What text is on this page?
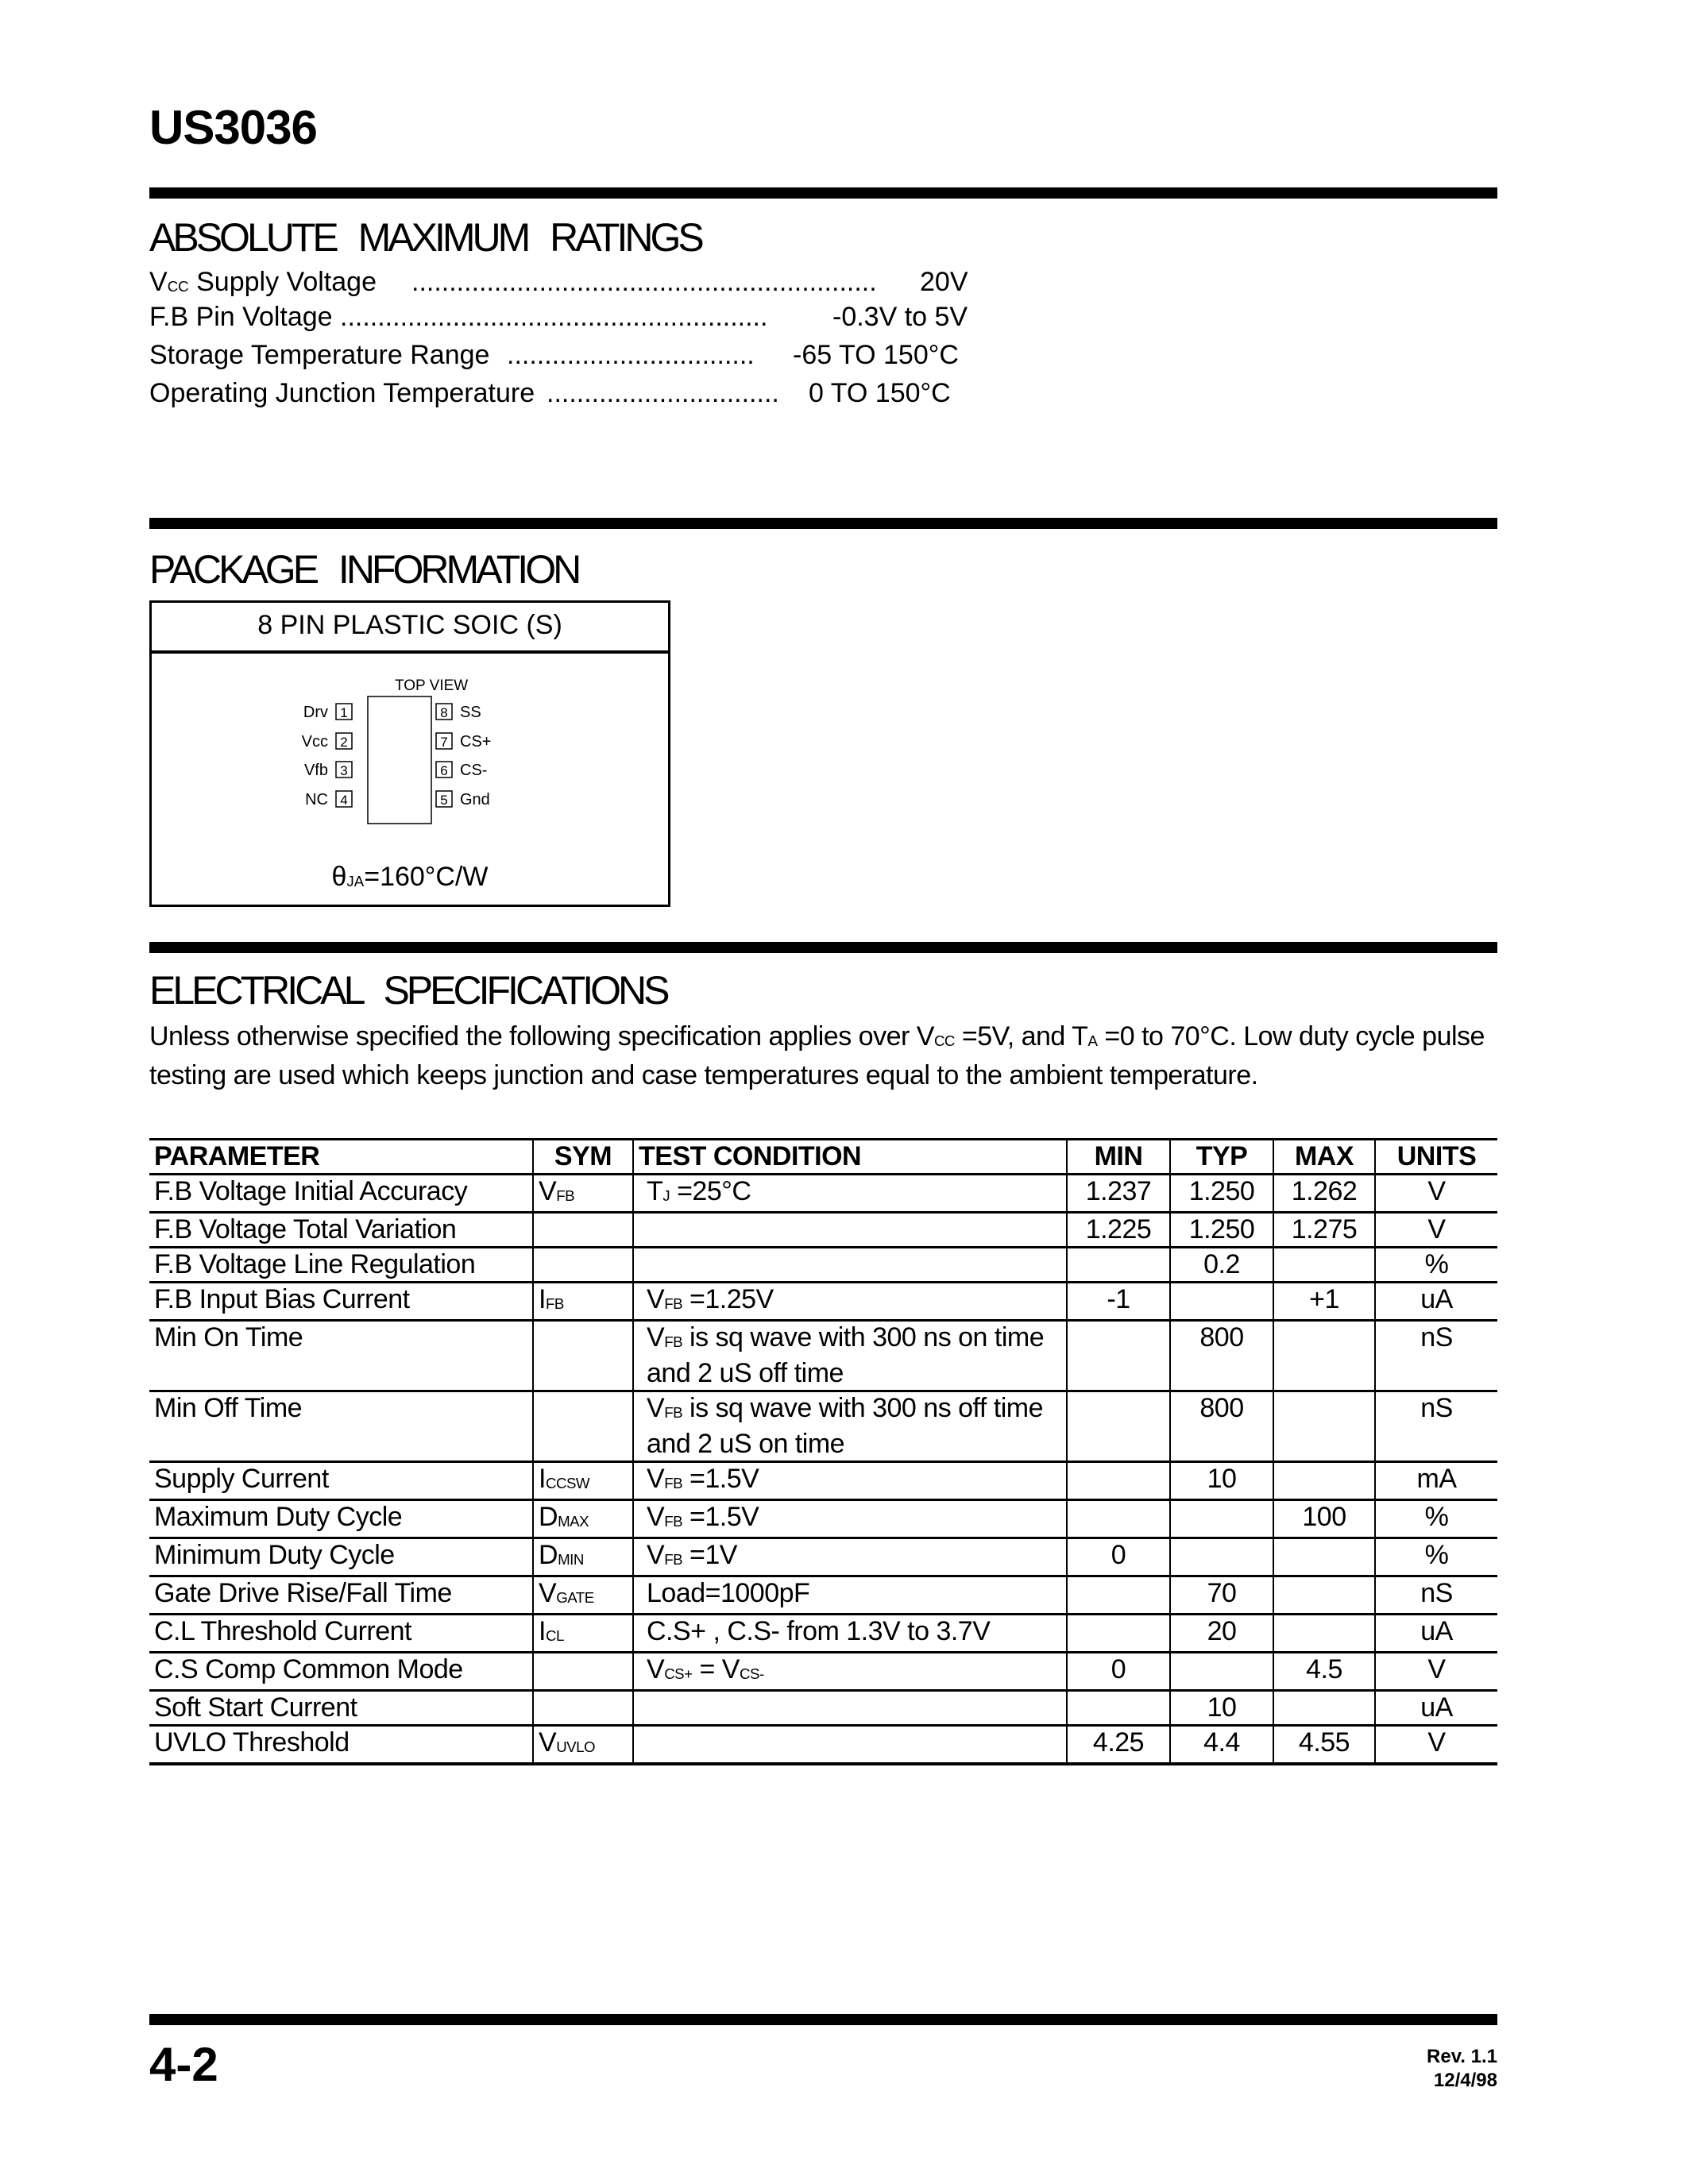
US3036
ABSOLUTE MAXIMUM RATINGS
$V_{CC}$ Supply Voltage .............................................................. 20V
F.B Pin Voltage ......................................................... -0.3V to 5V
Storage Temperature Range ................................. -65 TO 150°C
Operating Junction Temperature ............................... 0 TO 150°C
PACKAGE INFORMATION
8 PIN PLASTIC SOIC (S)
TOP VIEW
1
Drv
2
Vcc
3
Vfb
4
NC
8 SS
7 CS+
6 CS-
5 Gnd
$\theta_{JA}=160^\circ C/W$
ELECTRICAL SPECIFICATIONS
Unless otherwise specified the following specification applies over $V_{CC} =5V$, and $T_A =0$ to 70°C. Low duty cycle pulse testing are used which keeps junction and case temperatures equal to the ambient temperature.
PARAMETER	SYM	TEST CONDITION	MIN	TYP	MAX	UNITS
F.B Voltage Initial Accuracy	$V_{FB}$	$T_J =25^\circ C$	1.237	1.250	1.262	V
F.B Voltage Total Variation			1.225	1.250	1.275	V
F.B Voltage Line Regulation				0.2		%
F.B Input Bias Current	$I_{FB}$	$V_{FB} =1.25V$	-1		+1	uA
Min On Time		$V_{FB}$ is sq wave with 300 ns on time and 2 uS off time		800		nS
Min Off Time		$V_{FB}$ is sq wave with 300 ns off time and 2 uS on time		800		nS
Supply Current	$I_{CCSW}$	$V_{FB} =1.5V$		10		mA
Maximum Duty Cycle	$D_{MAX}$	$V_{FB} =1.5V$			100	%
Minimum Duty Cycle	$D_{MIN}$	$V_{FB} =1V$	0			%
Gate Drive Rise/Fall Time	$V_{GATE}$	Load=1000pF		70		nS
C.L Threshold Current	$I_{CL}$	C.S+ , C.S- from 1.3V to 3.7V		20		uA
C.S Comp Common Mode		$V_{CS+} = V_{CS-}$	0		4.5	V
Soft Start Current				10		uA
UVLO Threshold	$V_{UVLO}$		4.25	4.4	4.55	V
4-2	Rev. 1.1
12/4/98
